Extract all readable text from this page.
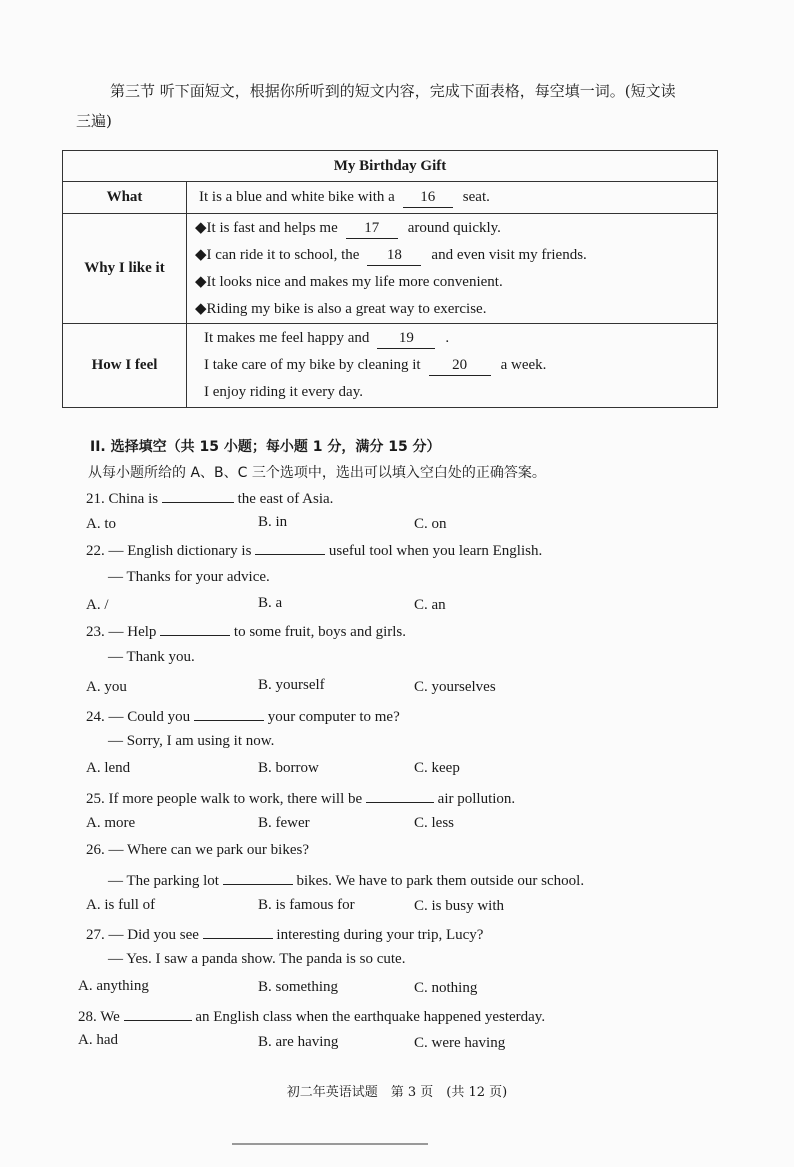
第三节 听下面短文，根据你所听到的短文内容，完成下面表格，每空填一词。(短文读
三遍)
My Birthday Gift	
What	It is a blue and white bike with a 16 seat.
Why I like it	◆It is fast and helps me 17 around quickly.
◆I can ride it to school, the 18 and even visit my friends.
◆It looks nice and makes my life more convenient.
◆Riding my bike is also a great way to exercise.

How I feel	It makes me feel happy and 19 .
I take care of my bike by cleaning it 20 a week.
I enjoy riding it every day.
II. 选择填空（共 15 小题；每小题 1 分，满分 15 分）
从每小题所给的 A、B、C 三个选项中，选出可以填入空白处的正确答案。
21. China is	the east of Asia.
A. to	B. in	C. on
22. — English dictionary is	useful tool when you learn English.
— Thanks for your advice.
A. /	B. a	C. an
23. — Help	to some fruit, boys and girls.
— Thank you.
A. you	B. yourself	C. yourselves
24. — Could you	your computer to me?
— Sorry, I am using it now.
A. lend	B. borrow	C. keep
25. If more people walk to work, there will be	air pollution.
A. more	B. fewer	C. less
26. — Where can we park our bikes?
— The parking lot	bikes. We have to park them outside our school.
A. is full of	B. is famous for	C. is busy with
27. — Did you see	interesting during your trip, Lucy?
— Yes. I saw a panda show. The panda is so cute.
A. anything	B. something	C. nothing
28. We	an English class when the earthquake happened yesterday.
A. had	B. are having	C. were having
初二年英语试题　第 3 页　(共 12 页)
